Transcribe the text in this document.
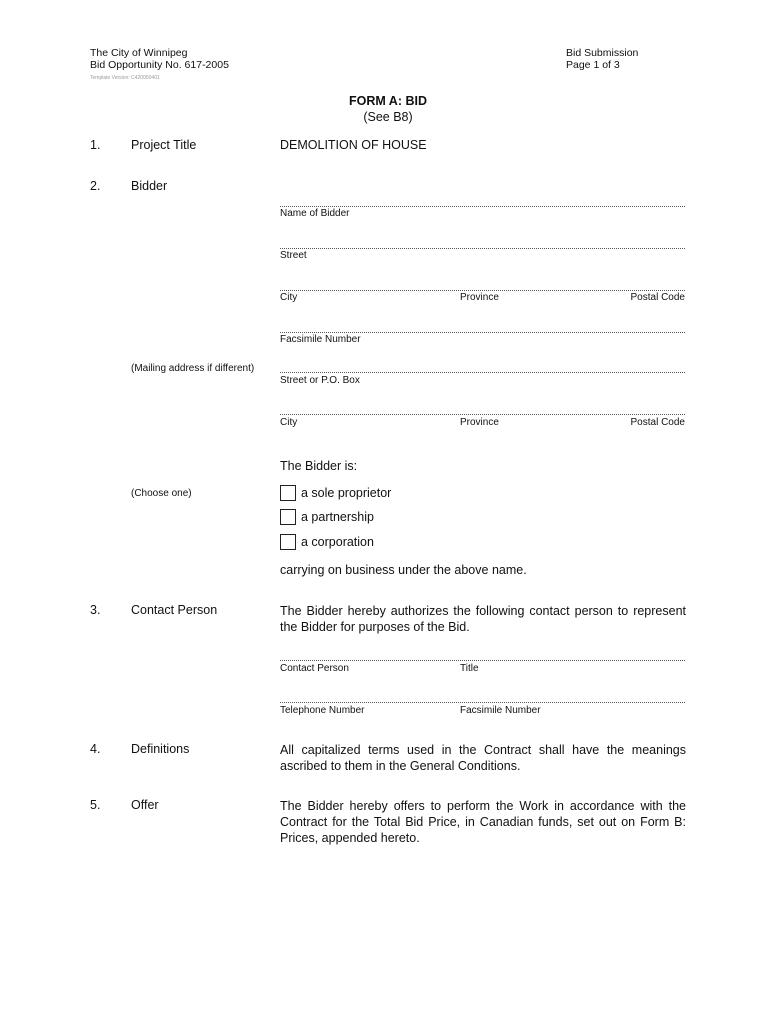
The City of Winnipeg
Bid Opportunity No. 617-2005
Template Version: C420050401
Bid Submission
Page 1 of 3
FORM A: BID
(See B8)
1. Project Title	DEMOLITION OF HOUSE
2. Bidder
Name of Bidder
Street
City	Province	Postal Code
Facsimile Number
(Mailing address if different)
Street or P.O. Box
City	Province	Postal Code
The Bidder is:
(Choose one)	a sole proprietor
a partnership
a corporation
carrying on business under the above name.
3. Contact Person	The Bidder hereby authorizes the following contact person to represent the Bidder for purposes of the Bid.
Contact Person	Title
Telephone Number	Facsimile Number
4. Definitions	All capitalized terms used in the Contract shall have the meanings ascribed to them in the General Conditions.
5. Offer	The Bidder hereby offers to perform the Work in accordance with the Contract for the Total Bid Price, in Canadian funds, set out on Form B: Prices, appended hereto.
